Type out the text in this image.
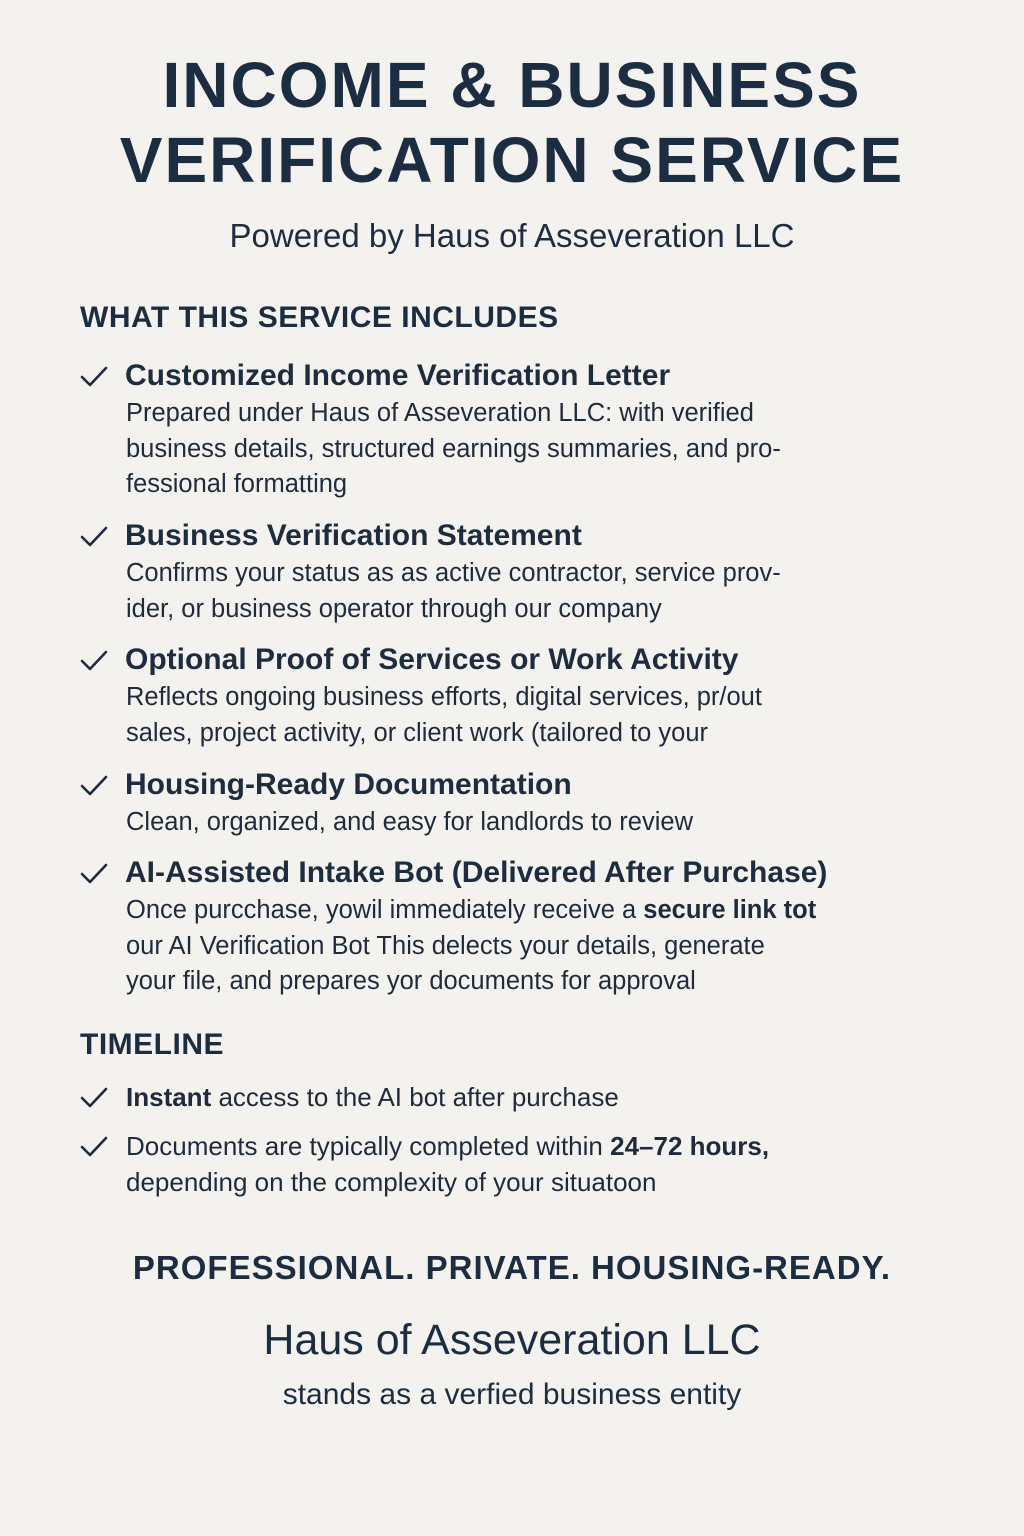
INCOME & BUSINESS
VERIFICATION SERVICE
Powered by Haus of Asseveration LLC
WHAT THIS SERVICE INCLUDES
Customized Income Verification Letter
Prepared under Haus of Asseveration LLC: with verified
business details, structured earnings summaries, and pro-
fessional formatting
Business Verification Statement
Confirms your status as as active contractor, service prov-
ider, or business operator through our company
Optional Proof of Services or Work Activity
Reflects ongoing business efforts, digital services, pr/out
sales, project activity, or client work (tailored to your
Housing-Ready Documentation
Clean, organized, and easy for landlords to review
AI-Assisted Intake Bot (Delivered After Purchase)
Once purcchase, yowil immediately receive a secure link tot
our AI Verification Bot This delects your details, generate
your file, and prepares yor documents for approval
TIMELINE
Instant access to the AI bot after purchase
Documents are typically completed within 24–72 hours,
depending on the complexity of your situatoon
PROFESSIONAL. PRIVATE. HOUSING-READY.
Haus of Asseveration LLC
stands as a verfied business entity
